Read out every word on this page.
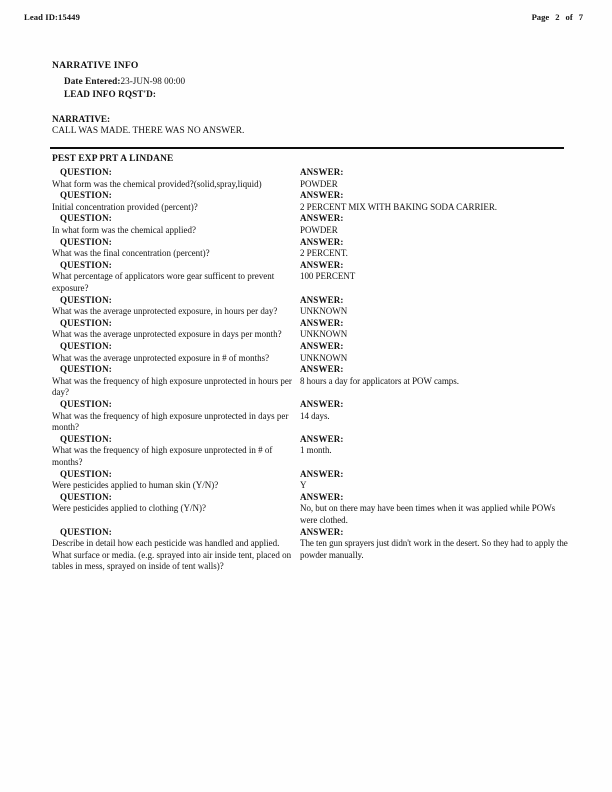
Lead ID:15449	Page 2 of 7
NARRATIVE INFO
Date Entered:23-JUN-98 00:00
LEAD INFO RQST'D:
NARRATIVE:
CALL WAS MADE. THERE WAS NO ANSWER.
PEST EXP PRT A LINDANE
QUESTION:
What form was the chemical provided?(solid,spray,liquid)
ANSWER:
POWDER
QUESTION:
Initial concentration provided (percent)?
ANSWER:
2 PERCENT MIX WITH BAKING SODA CARRIER.
QUESTION:
In what form was the chemical applied?
ANSWER:
POWDER
QUESTION:
What was the final concentration (percent)?
ANSWER:
2 PERCENT.
QUESTION:
What percentage of applicators wore gear sufficent to prevent exposure?
ANSWER:
100 PERCENT
QUESTION:
What was the average unprotected exposure, in hours per day?
ANSWER:
UNKNOWN
QUESTION:
What was the average unprotected exposure in days per month?
ANSWER:
UNKNOWN
QUESTION:
What was the average unprotected exposure in # of months?
ANSWER:
UNKNOWN
QUESTION:
What was the frequency of high exposure unprotected in hours per day?
ANSWER:
8 hours a day for applicators at POW camps.
QUESTION:
What was the frequency of high exposure unprotected in days per month?
ANSWER:
14 days.
QUESTION:
What was the frequency of high exposure unprotected in # of months?
ANSWER:
1 month.
QUESTION:
Were pesticides applied to human skin (Y/N)?
ANSWER:
Y
QUESTION:
Were pesticides applied to clothing (Y/N)?
ANSWER:
No, but on there may have been times when it was applied while POWs were clothed.
QUESTION:
Describe in detail how each pesticide was handled and applied. What surface or media. (e.g. sprayed into air inside tent, placed on tables in mess, sprayed on inside of tent walls)?
ANSWER:
The ten gun sprayers just didn't work in the desert. So they had to apply the powder manually.
